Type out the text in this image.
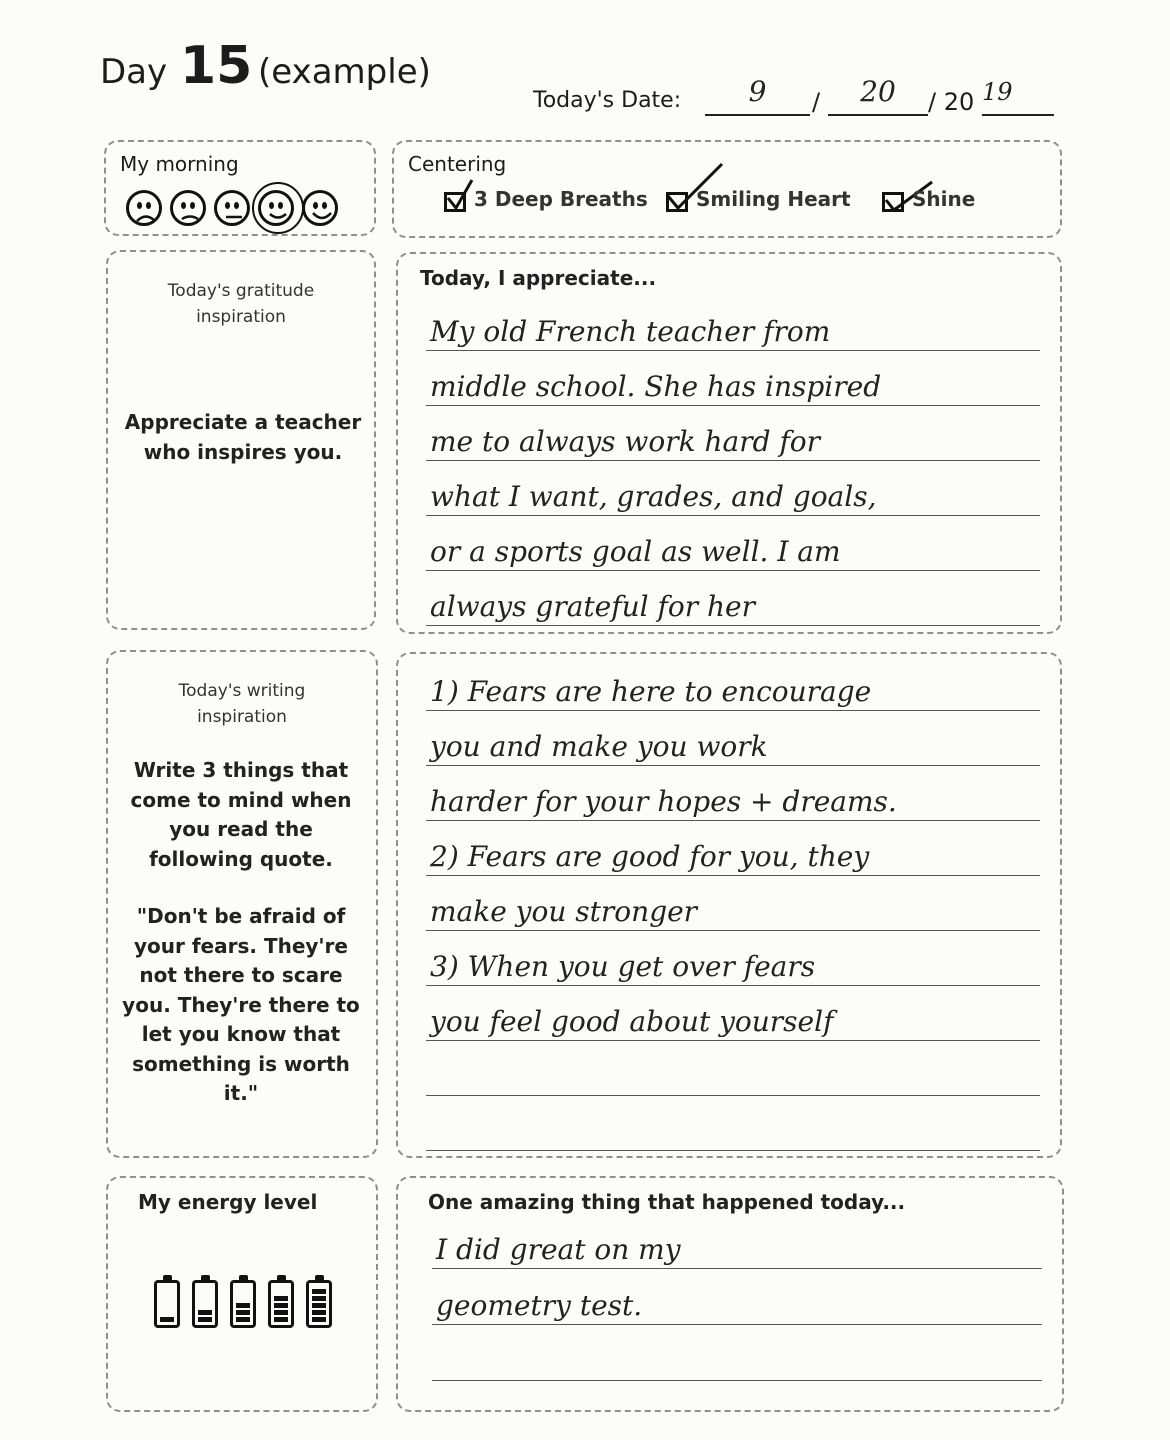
Day 15 (example)
Today's Date:	9	/	20	/ 20 19
My morning	Centering
3 Deep Breaths Smiling Heart	Shine
Today's gratitude inspiration
Appreciate a teacher who inspires you.
Today, I appreciate...
My old French teacher from
middle school. She has inspired
me to always work hard for
what I want, grades, and goals,
or a sports goal as well. I am
always grateful for her
Today's writing inspiration
Write 3 things that come to mind when you read the following quote.
"Don't be afraid of your fears. They're not there to scare you. They're there to let you know that something is worth it."
1) Fears are here to encourage
you and make you work
harder for your hopes + dreams.
2) Fears are good for you, they
make you stronger
3) When you get over fears
you feel good about yourself
My energy level	One amazing thing that happened today...
I did great on my
geometry test.
